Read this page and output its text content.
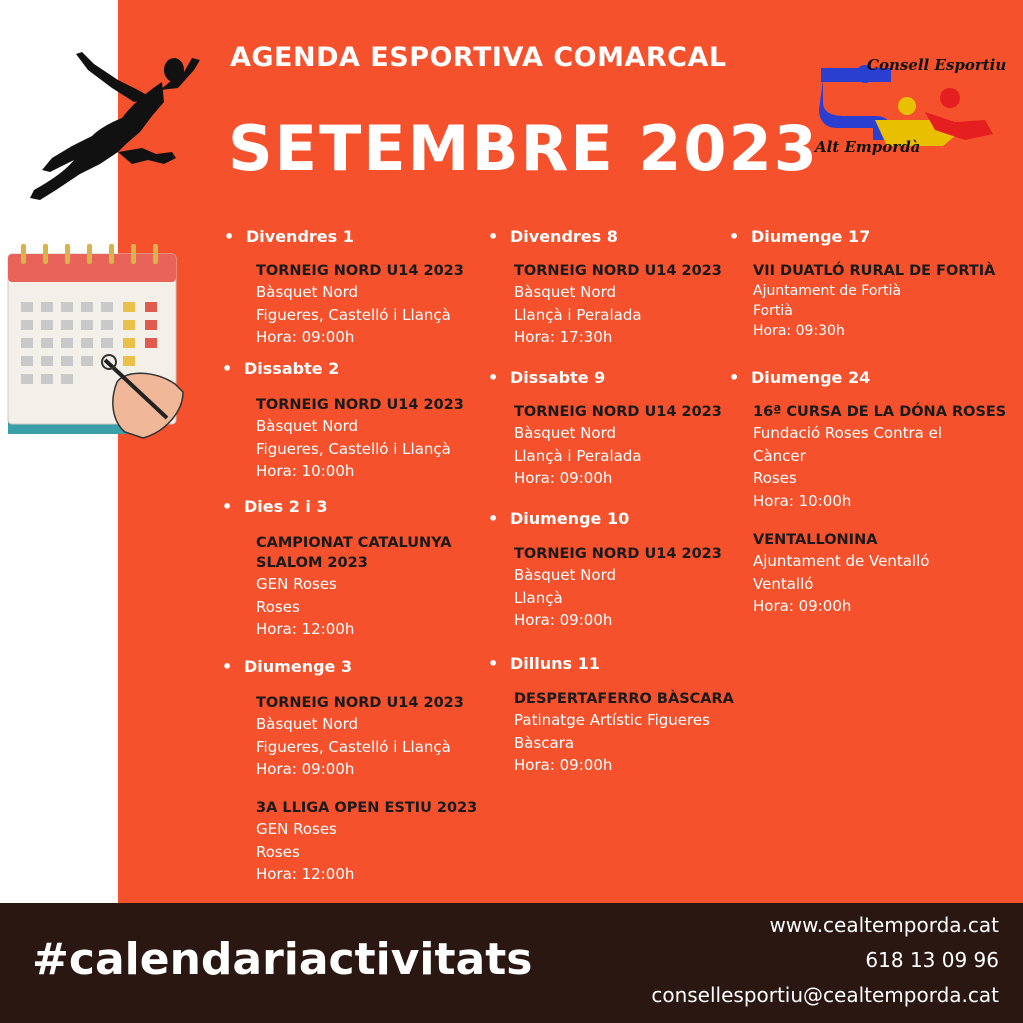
AGENDA ESPORTIVA COMARCAL
SETEMBRE 2023
Consell Esportiu
Alt Empordà
• Divendres 1
TORNEIG NORD U14 2023
Bàsquet Nord
Figueres, Castelló i Llançà
Hora: 09:00h
• Dissabte 2
TORNEIG NORD U14 2023
Bàsquet Nord
Figueres, Castelló i Llançà
Hora: 10:00h
• Dies 2 i 3
CAMPIONAT CATALUNYA SLALOM 2023
GEN Roses
Roses
Hora: 12:00h
• Diumenge 3
TORNEIG NORD U14 2023
Bàsquet Nord
Figueres, Castelló i Llançà
Hora: 09:00h
3A LLIGA OPEN ESTIU 2023
GEN Roses
Roses
Hora: 12:00h
• Divendres 8
TORNEIG NORD U14 2023
Bàsquet Nord
Llançà i Peralada
Hora: 17:30h
• Dissabte 9
TORNEIG NORD U14 2023
Bàsquet Nord
Llançà i Peralada
Hora: 09:00h
• Diumenge 10
TORNEIG NORD U14 2023
Bàsquet Nord
Llançà
Hora: 09:00h
• Dilluns 11
DESPERTAFERRO BÀSCARA
Patinatge Artístic Figueres
Bàscara
Hora: 09:00h
• Diumenge 17
VII DUATLÓ RURAL DE FORTIÀ
Ajuntament de Fortià
Fortià
Hora: 09:30h
• Diumenge 24
16ª CURSA DE LA DÓNA ROSES
Fundació Roses Contra el
Càncer
Roses
Hora: 10:00h
VENTALLONINA
Ajuntament de Ventalló
Ventalló
Hora: 09:00h
#calendariactivitats
www.cealtemporda.cat
618 13 09 96
consellesportiu@cealtemporda.cat
